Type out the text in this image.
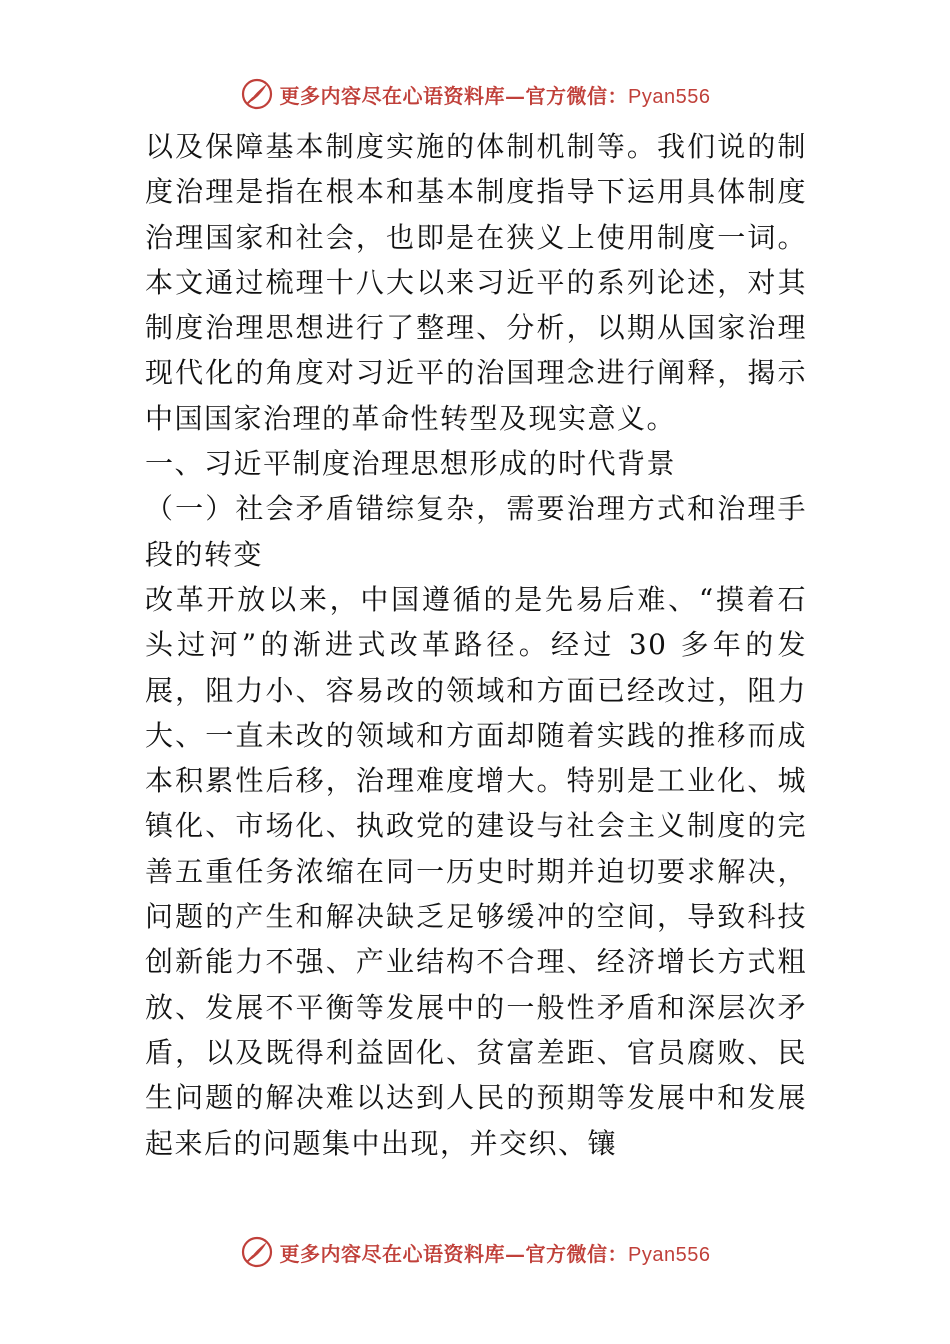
更多内容尽在心语资料库—官方微信：Pyan556

以及保障基本制度实施的体制机制等。我们说的制度治理是指在根本和基本制度指导下运用具体制度治理国家和社会，也即是在狭义上使用制度一词。本文通过梳理十八大以来习近平的系列论述，对其制度治理思想进行了整理、分析，以期从国家治理现代化的角度对习近平的治国理念进行阐释，揭示中国国家治理的革命性转型及现实意义。

一、习近平制度治理思想形成的时代背景

（一）社会矛盾错综复杂，需要治理方式和治理手段的转变

改革开放以来，中国遵循的是先易后难、“摸着石头过河”的渐进式改革路径。经过 30 多年的发展，阻力小、容易改的领域和方面已经改过，阻力大、一直未改的领域和方面却随着实践的推移而成本积累性后移，治理难度增大。特别是工业化、城镇化、市场化、执政党的建设与社会主义制度的完善五重任务浓缩在同一历史时期并迫切要求解决，问题的产生和解决缺乏足够缓冲的空间，导致科技创新能力不强、产业结构不合理、经济增长方式粗放、发展不平衡等发展中的一般性矛盾和深层次矛盾，以及既得利益固化、贫富差距、官员腐败、民生问题的解决难以达到人民的预期等发展中和发展起来后的问题集中出现，并交织、镶

更多内容尽在心语资料库—官方微信：Pyan556
